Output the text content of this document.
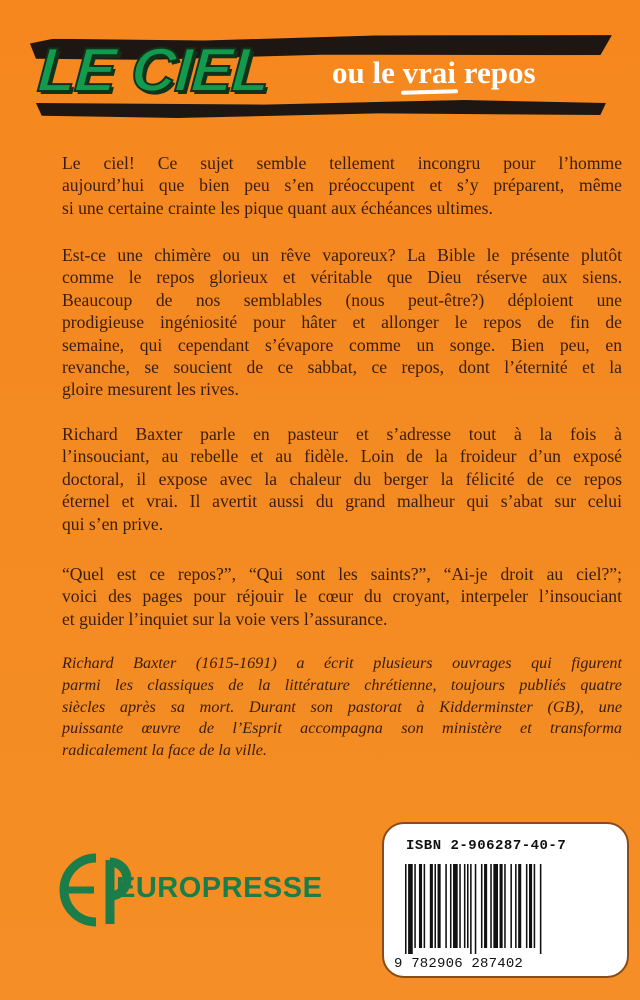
LE CIEL ou le vrai repos
Le ciel! Ce sujet semble tellement incongru pour l’homme
aujourd’hui que bien peu s’en préoccupent et s’y préparent, même
si une certaine crainte les pique quant aux échéances ultimes.
Est-ce une chimère ou un rêve vaporeux? La Bible le présente plutôt
comme le repos glorieux et véritable que Dieu réserve aux siens.
Beaucoup de nos semblables (nous peut-être?) déploient une
prodigieuse ingéniosité pour hâter et allonger le repos de fin de
semaine, qui cependant s’évapore comme un songe. Bien peu, en
revanche, se soucient de ce sabbat, ce repos, dont l’éternité et la
gloire mesurent les rives.
Richard Baxter parle en pasteur et s’adresse tout à la fois à
l’insouciant, au rebelle et au fidèle. Loin de la froideur d’un exposé
doctoral, il expose avec la chaleur du berger la félicité de ce repos
éternel et vrai. Il avertit aussi du grand malheur qui s’abat sur celui
qui s’en prive.
“Quel est ce repos?”, “Qui sont les saints?”, “Ai-je droit au ciel?”;
voici des pages pour réjouir le cœur du croyant, interpeler l’insouciant
et guider l’inquiet sur la voie vers l’assurance.
Richard Baxter (1615-1691) a écrit plusieurs ouvrages qui figurent
parmi les classiques de la littérature chrétienne, toujours publiés quatre
siècles après sa mort. Durant son pastorat à Kidderminster (GB), une
puissante œuvre de l’Esprit accompagna son ministère et transforma
radicalement la face de la ville.
EUROPRESSE
ISBN 2-906287-40-7
9 782906 287402
